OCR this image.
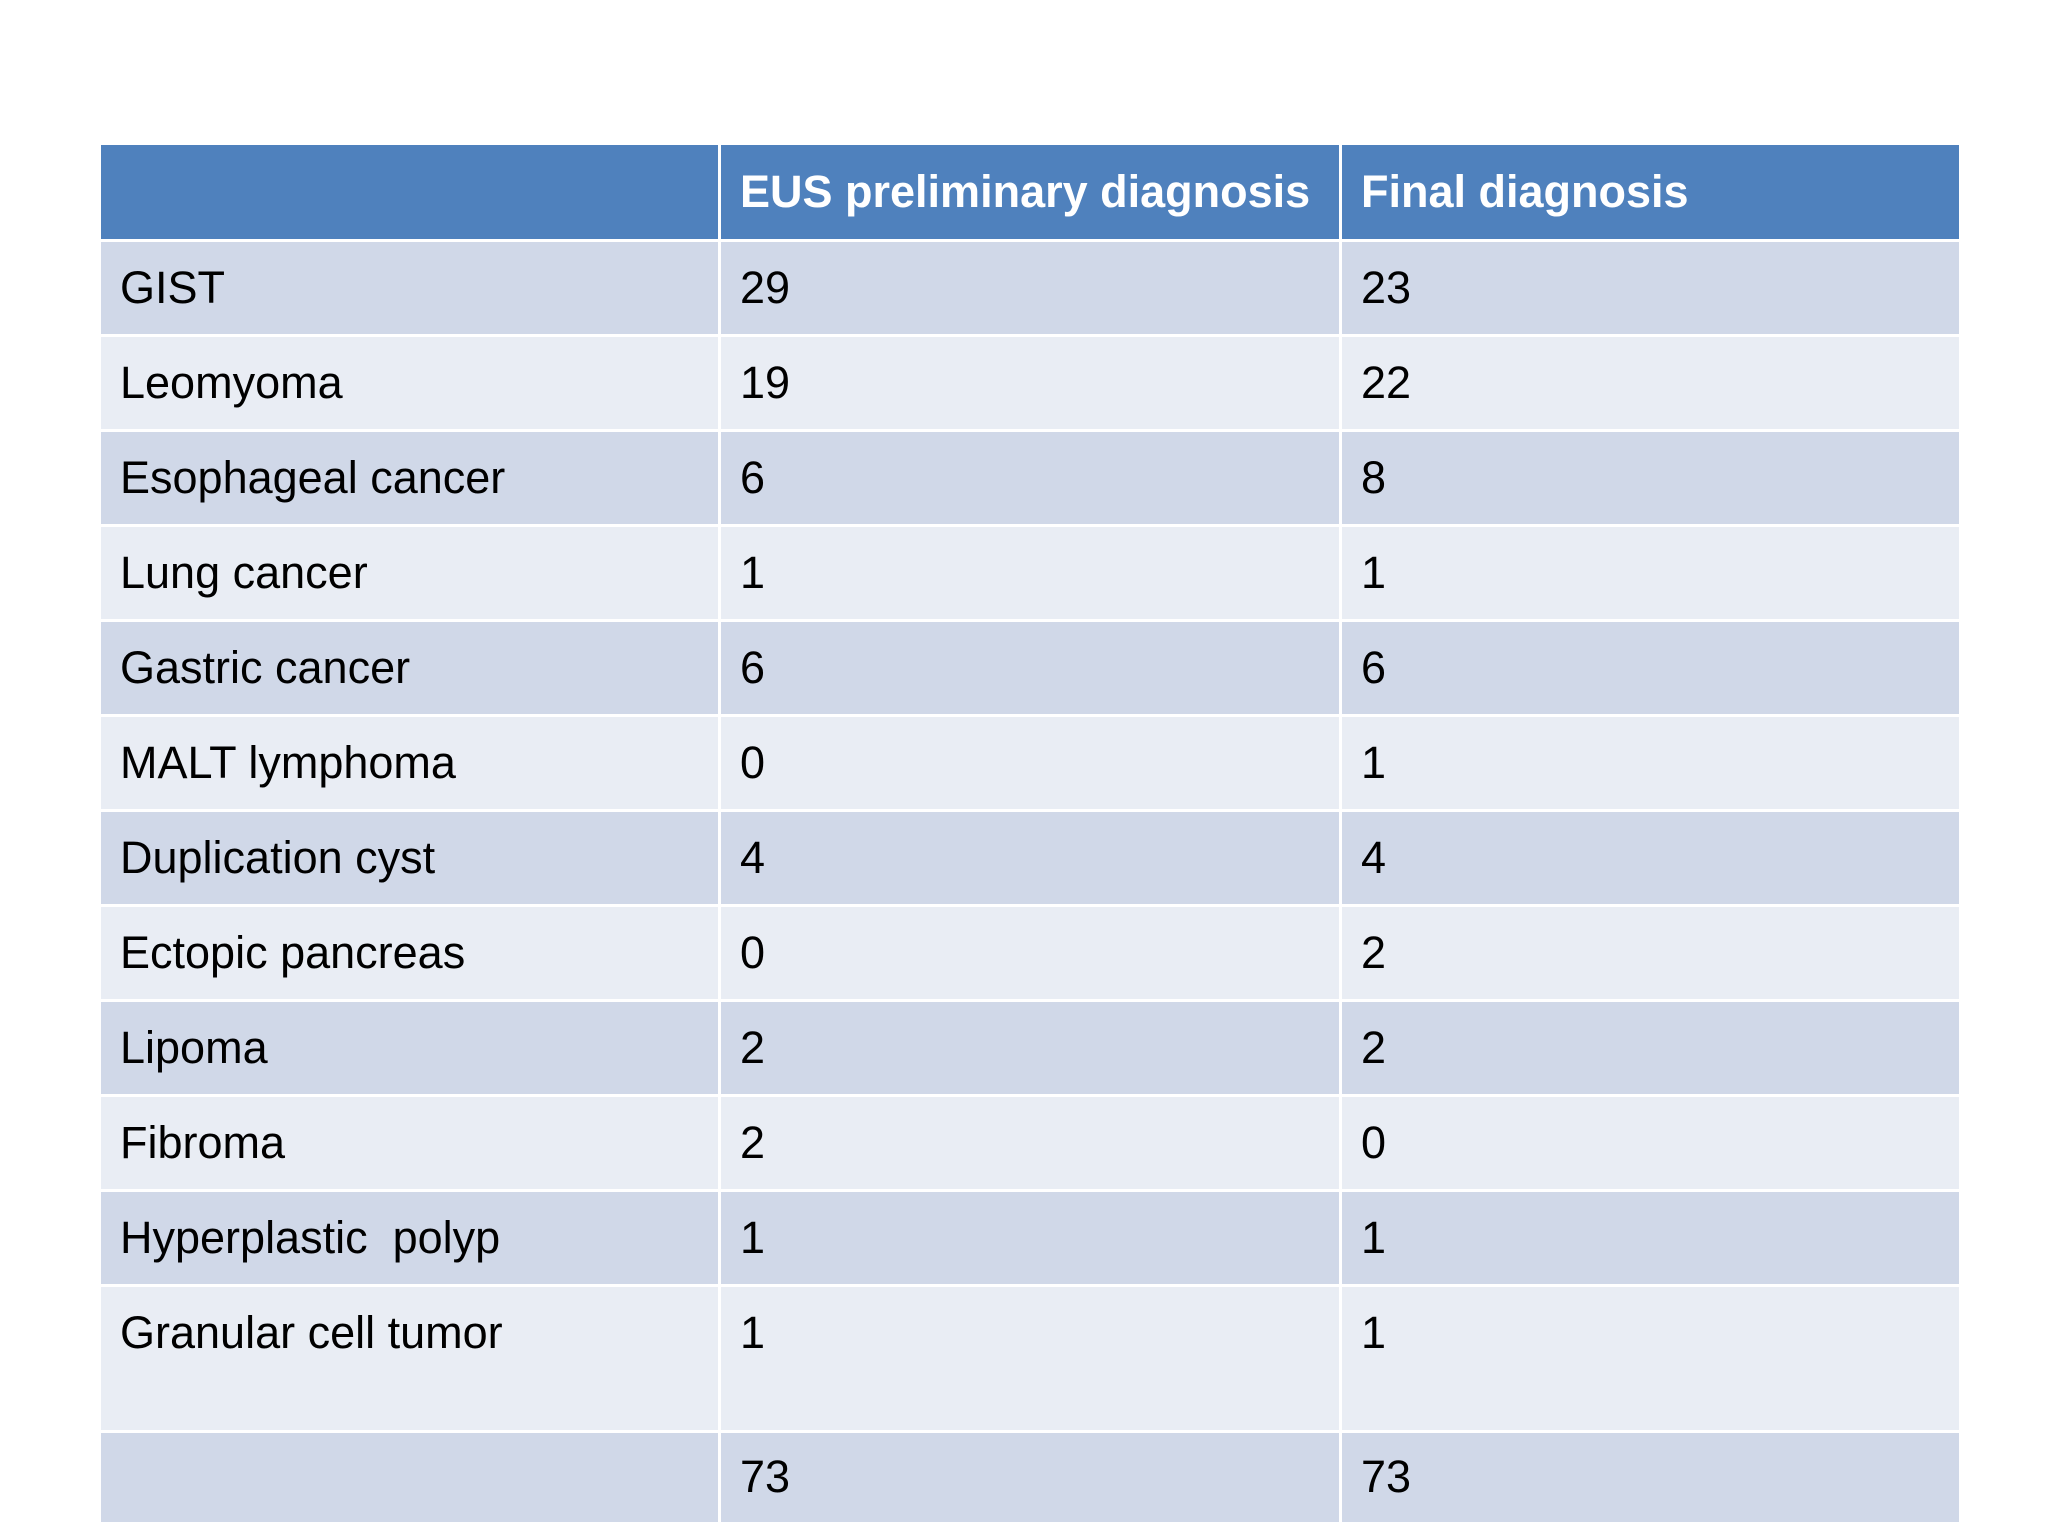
	EUS preliminary diagnosis	Final diagnosis
GIST	29	23
Leomyoma	19	22
Esophageal cancer	6	8
Lung cancer	1	1
Gastric cancer	6	6
MALT lymphoma	0	1
Duplication cyst	4	4
Ectopic pancreas	0	2
Lipoma	2	2
Fibroma	2	0
Hyperplastic  polyp	1	1
Granular cell tumor	1	1
	73	73
